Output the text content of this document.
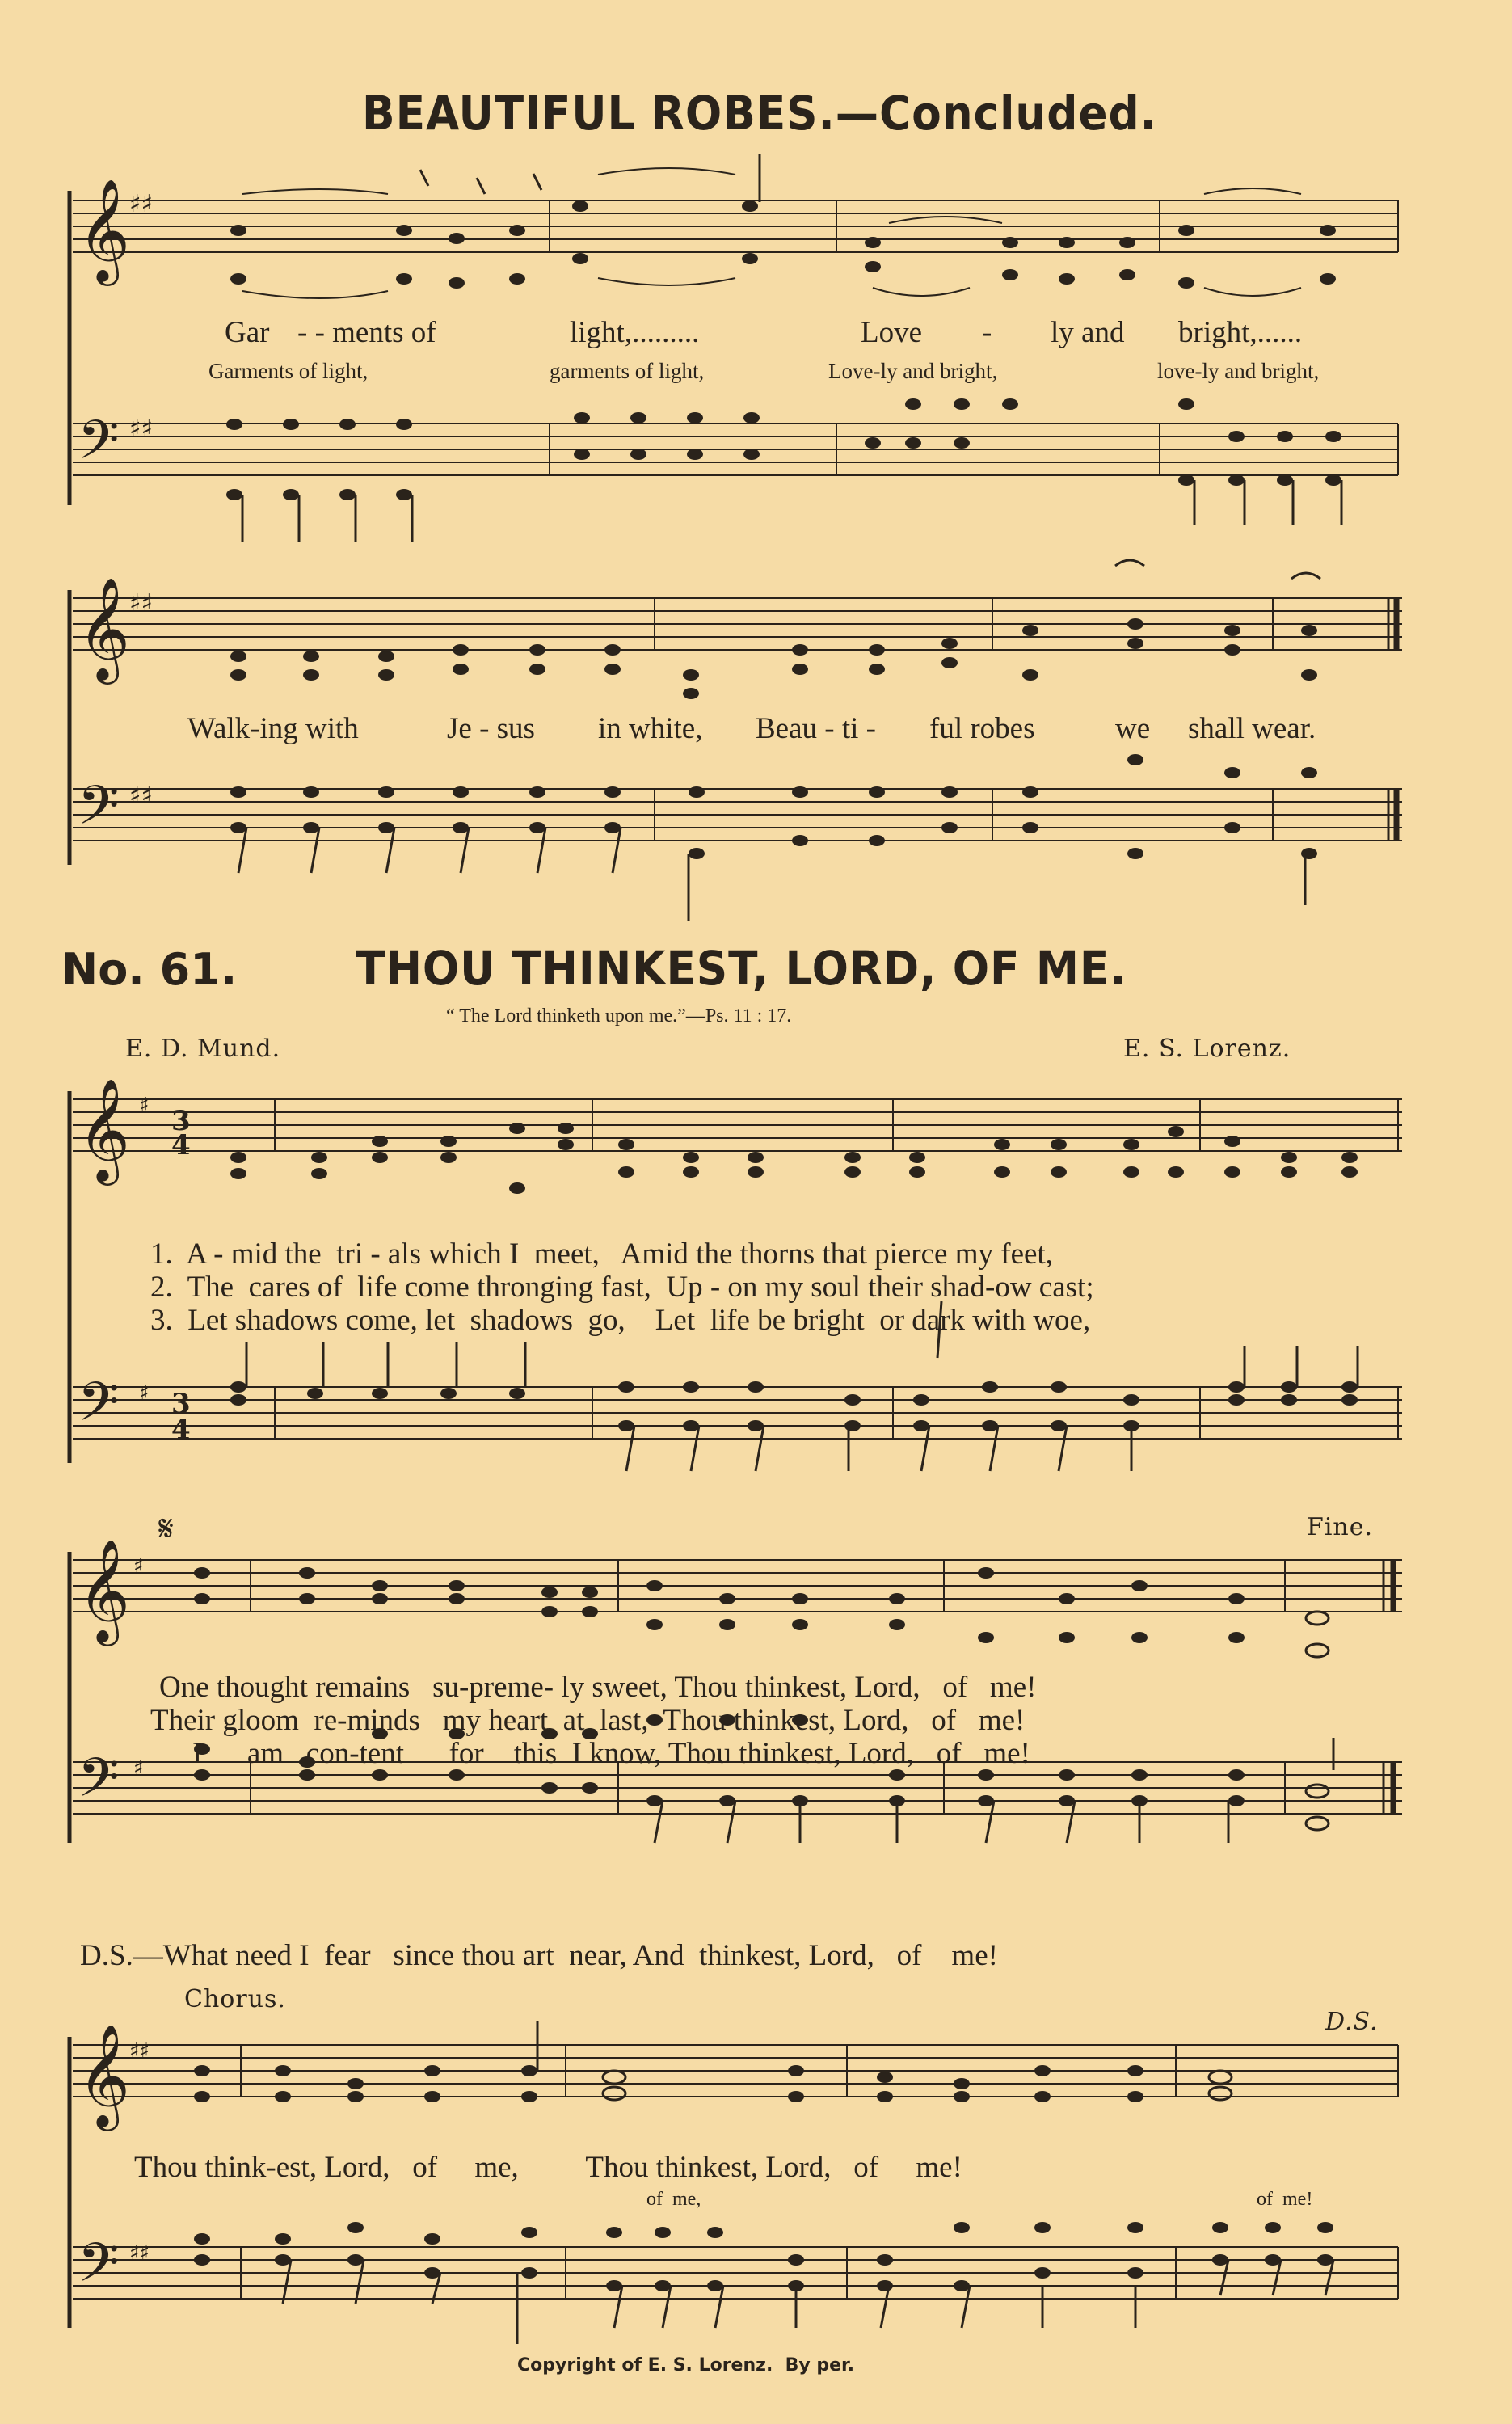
BEAUTIFUL ROBES.—Concluded.
𝄞
𝄢
♯♯
♯♯
Gar - - ments of	light,.........	Love - ly and bright,......
Garments of light,	garments of light,	Love-ly and bright,	love-ly and bright,
𝄞
𝄢
♯♯
♯♯
Walk-ing with	Je - sus in white, Beau - ti - ful robes	we shall wear.
No. 61.	THOU THINKEST, LORD, OF ME.
“ The Lord thinketh upon me.”—Ps. 11 : 17.
E. D. Mund.	E. S. Lorenz.
𝄞
𝄢
♯ 3
4
♯ 3
4
1.  A - mid the  tri - als which I  meet,   Amid the thorns that pierce my feet,
2.  The  cares of  life come thronging fast,  Up - on my soul their shad-ow cast;
3.  Let shadows come, let  shadows  go,    Let  life be bright  or dark with woe,
𝄞
𝄢
♯
♯
𝄋	Fine.
One thought remains   su-preme- ly sweet, Thou thinkest, Lord,   of   me!
Their gloom  re-minds   my heart  at  last,  Thou thinkest, Lord,   of   me!
I      am   con-tent      for    this  I know, Thou thinkest, Lord,   of   me!
D.S.—What need I  fear   since thou art  near, And  thinkest, Lord,   of    me!
Chorus.
D.S.
𝄞
𝄢
♯♯
♯♯
Thou think-est, Lord,   of     me,         Thou thinkest, Lord,   of     me!
of  me,	of  me!
Copyright of E. S. Lorenz.  By per.
